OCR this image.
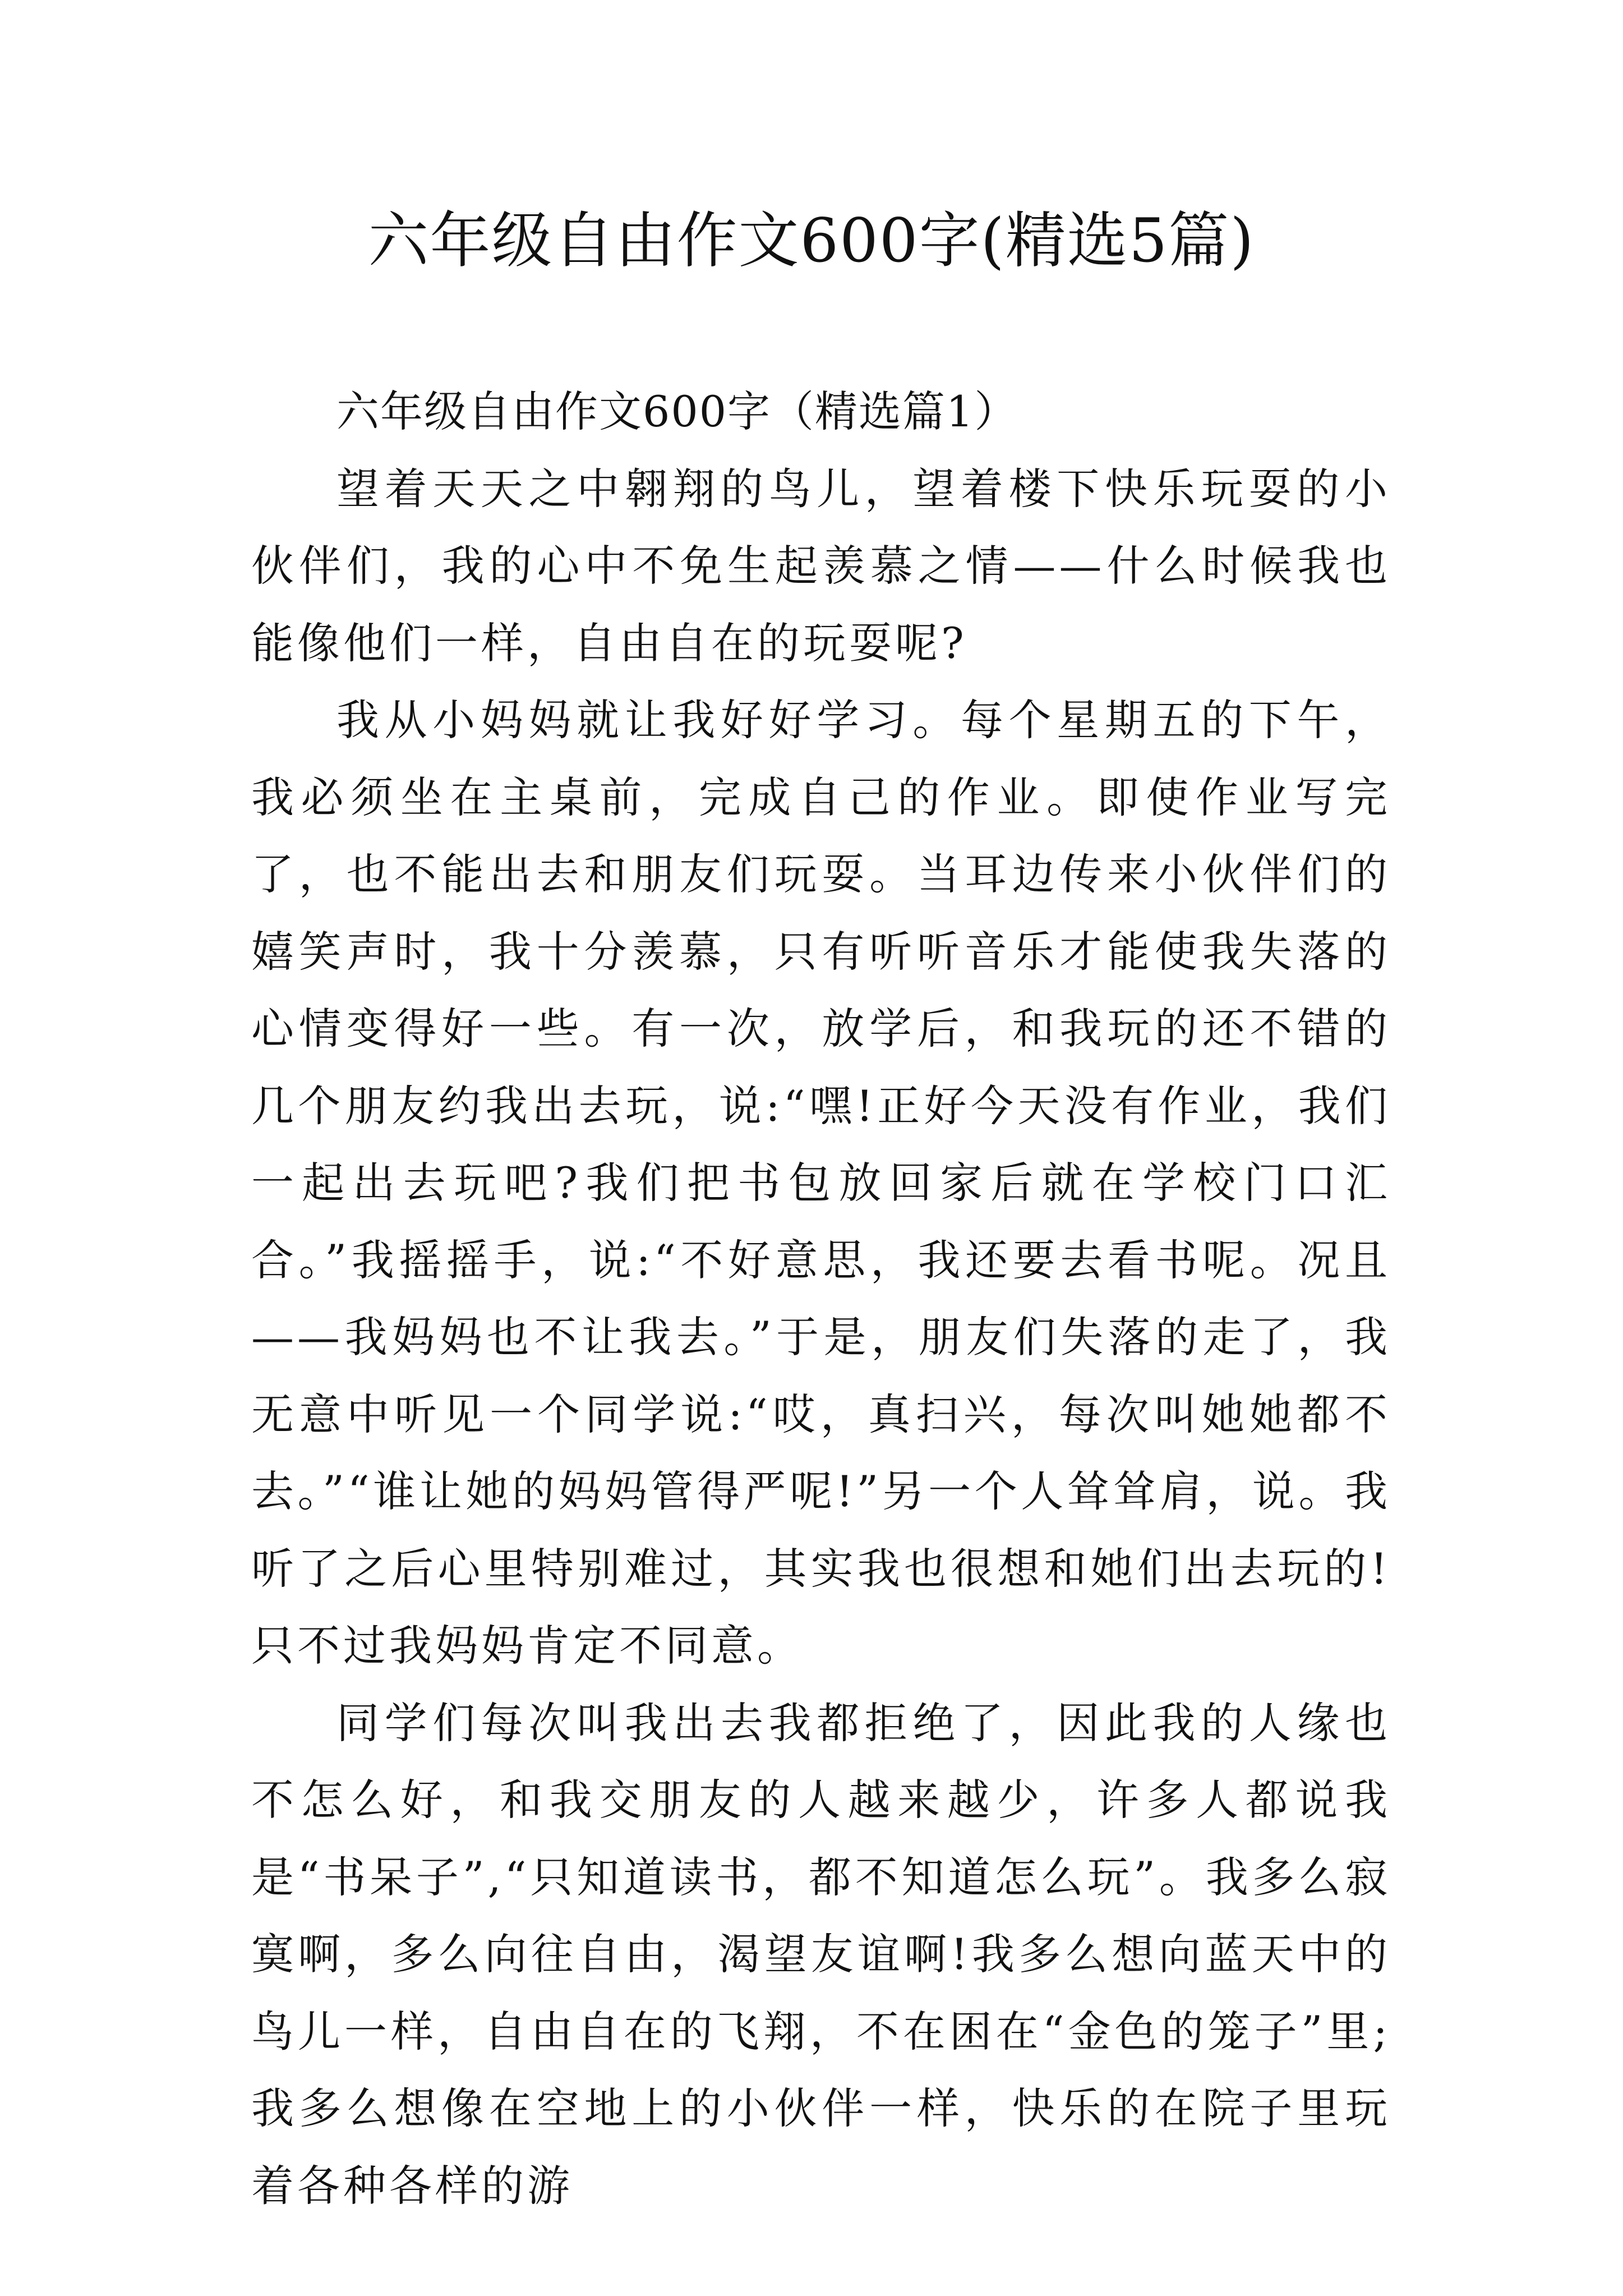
六年级自由作文600字(精选5篇)

六年级自由作文600字（精选篇1）

望着天天之中翱翔的鸟儿，望着楼下快乐玩耍的小伙伴们，我的心中不免生起羡慕之情——什么时候我也能像他们一样，自由自在的玩耍呢?

我从小妈妈就让我好好学习。每个星期五的下午，我必须坐在主桌前，完成自己的作业。即使作业写完了，也不能出去和朋友们玩耍。当耳边传来小伙伴们的嬉笑声时，我十分羡慕，只有听听音乐才能使我失落的心情变得好一些。有一次，放学后，和我玩的还不错的几个朋友约我出去玩，说:“嘿!正好今天没有作业，我们一起出去玩吧?我们把书包放回家后就在学校门口汇合。”我摇摇手，说:“不好意思，我还要去看书呢。况且——我妈妈也不让我去。”于是，朋友们失落的走了，我无意中听见一个同学说:“哎，真扫兴，每次叫她她都不去。”“谁让她的妈妈管得严呢!”另一个人耸耸肩，说。我听了之后心里特别难过，其实我也很想和她们出去玩的!只不过我妈妈肯定不同意。

同学们每次叫我出去我都拒绝了，因此我的人缘也不怎么好，和我交朋友的人越来越少，许多人都说我是“书呆子”,“只知道读书，都不知道怎么玩”。我多么寂寞啊，多么向往自由，渴望友谊啊!我多么想向蓝天中的鸟儿一样，自由自在的飞翔，不在困在“金色的笼子”里;我多么想像在空地上的小伙伴一样，快乐的在院子里玩着各种各样的游
